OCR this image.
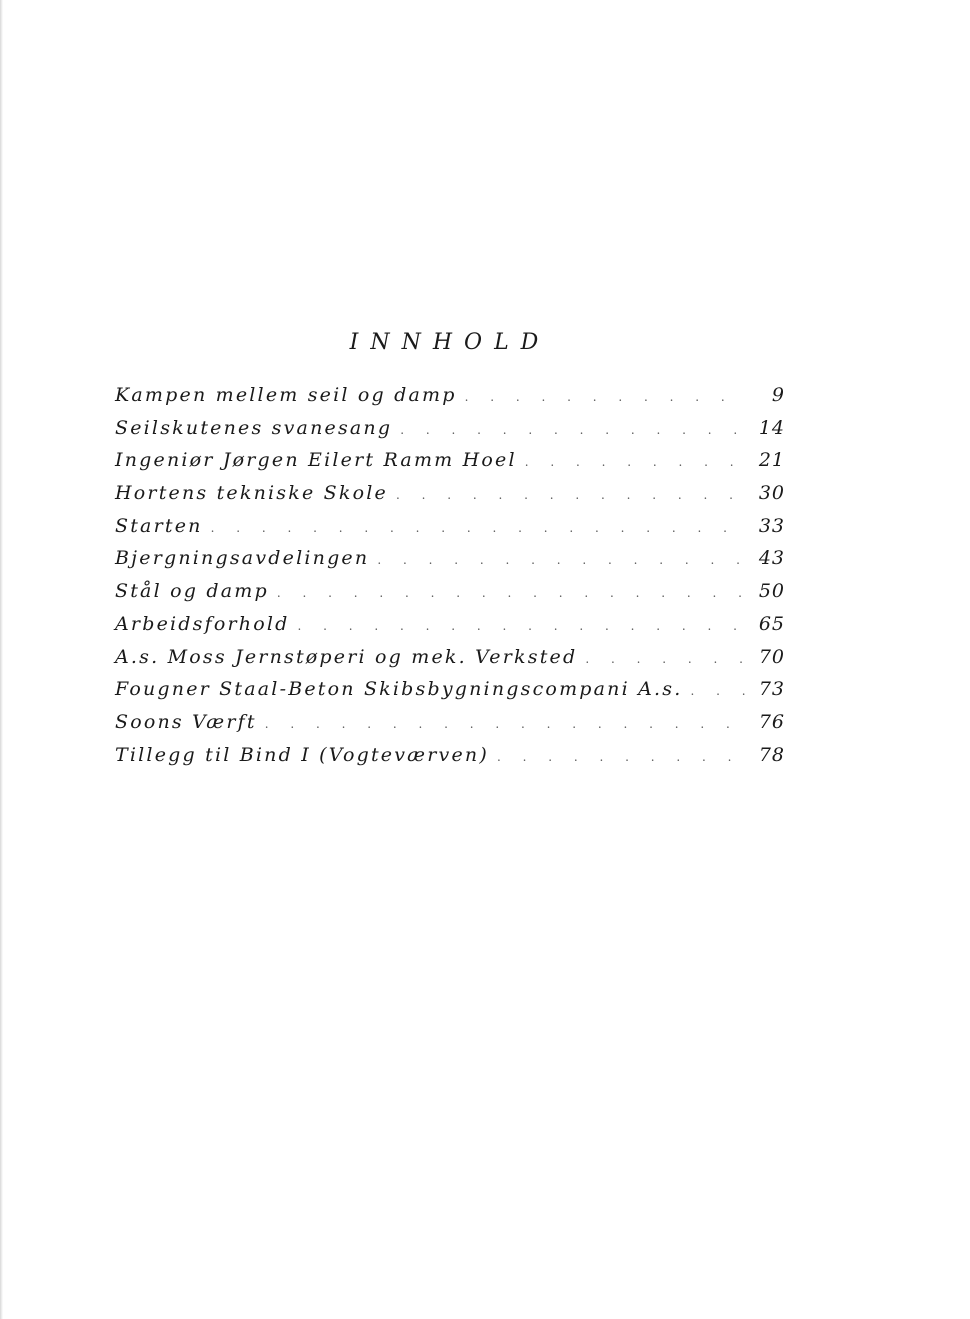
INNHOLD
Kampen mellem seil og damp . . .	9
Seilskutenes svanesang . . .	14
Ingeniør Jørgen Eilert Ramm Hoel . . .	21
Hortens tekniske Skole . . .	30
Starten . . .	33
Bjergningsavdelingen . . .	43
Stål og damp . . .	50
Arbeidsforhold . . .	65
A.s. Moss Jernstøperi og mek. Verksted . . .	70
Fougner Staal-Beton Skibsbygningscompani A.s. . . .	73
Soons Værft . . .	76
Tillegg til Bind I (Vogteværven) . . .	78
